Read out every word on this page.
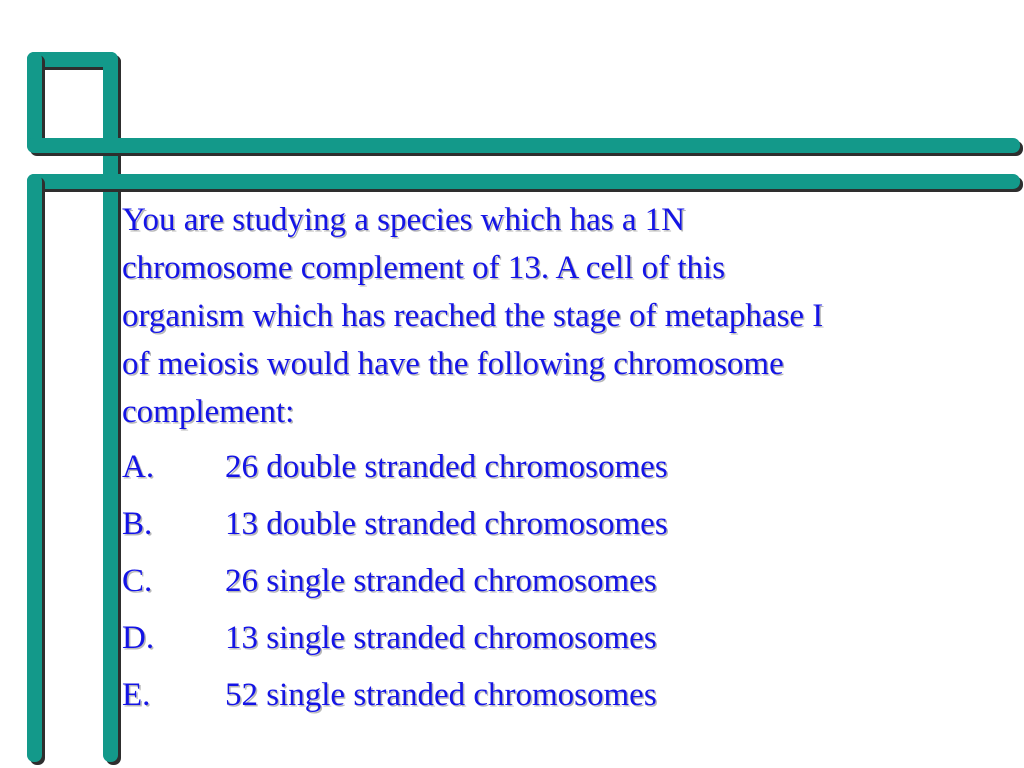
You are studying a species which has a 1N
chromosome complement of 13. A cell of this
organism which has reached the stage of metaphase I
of meiosis would have the following chromosome
complement:

A.	26 double stranded chromosomes
B.	13 double stranded chromosomes
C.	26 single stranded chromosomes
D.	13 single stranded chromosomes
E.	52 single stranded chromosomes
